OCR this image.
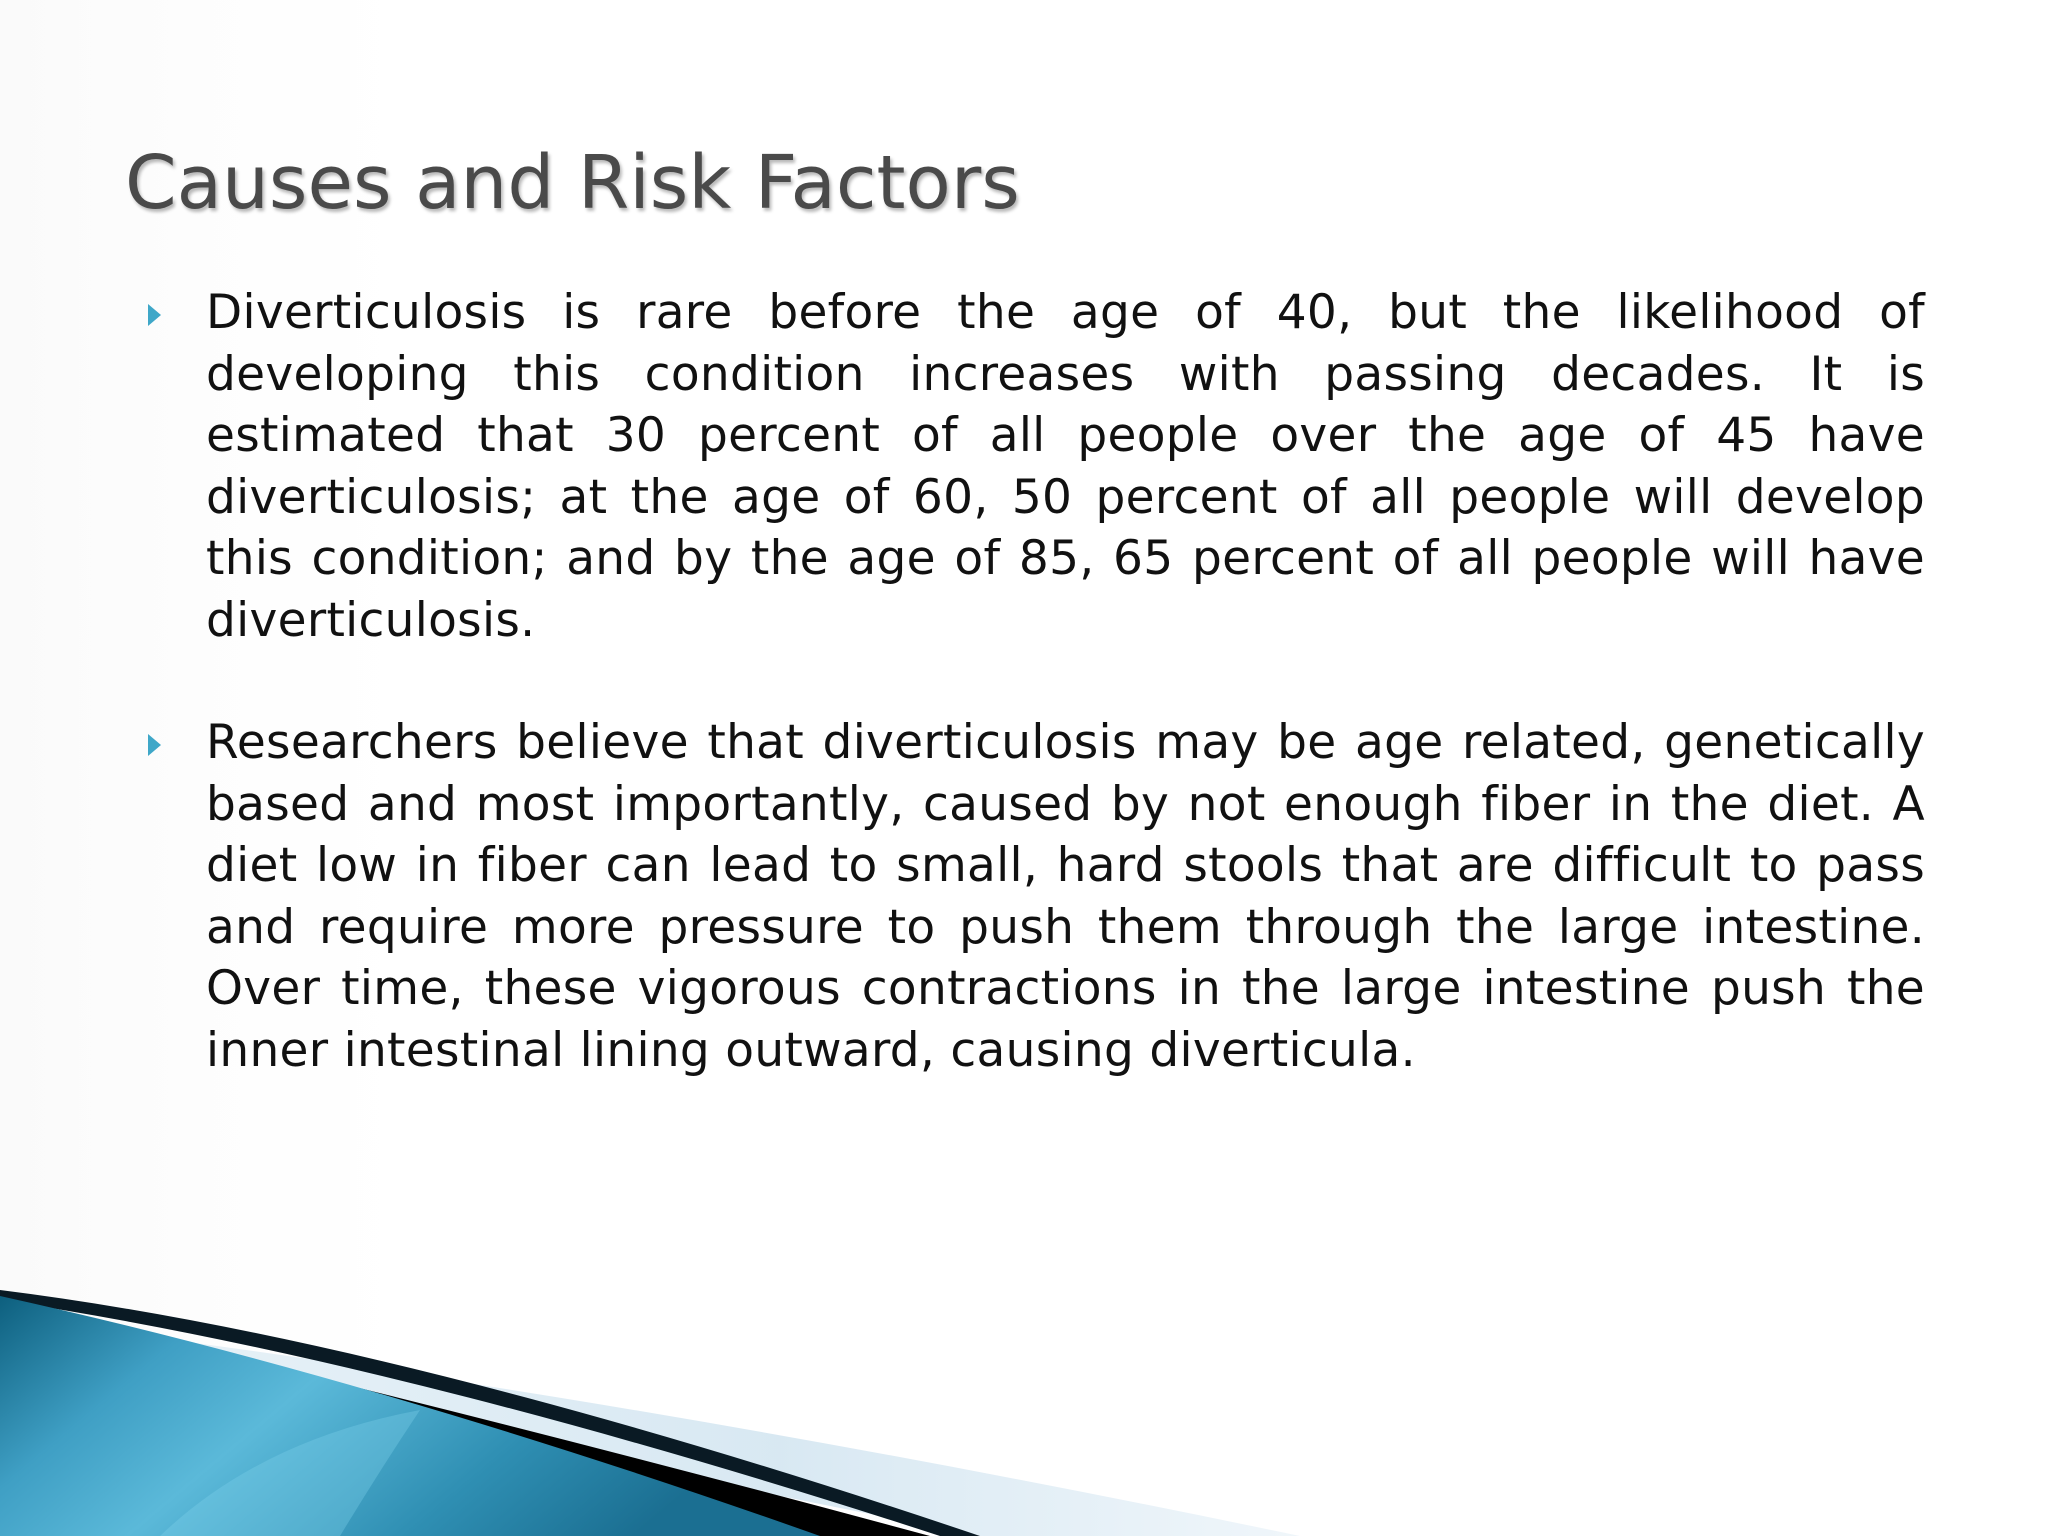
Causes and Risk Factors

Diverticulosis is rare before the age of 40, but the likelihood of developing this condition increases with passing decades. It is estimated that 30 percent of all people over the age of 45 have diverticulosis; at the age of 60, 50 percent of all people will develop this condition; and by the age of 85, 65 percent of all people will have diverticulosis.

Researchers believe that diverticulosis may be age related, genetically based and most importantly, caused by not enough fiber in the diet. A diet low in fiber can lead to small, hard stools that are difficult to pass and require more pressure to push them through the large intestine. Over time, these vigorous contractions in the large intestine push the inner intestinal lining outward, causing diverticula.
